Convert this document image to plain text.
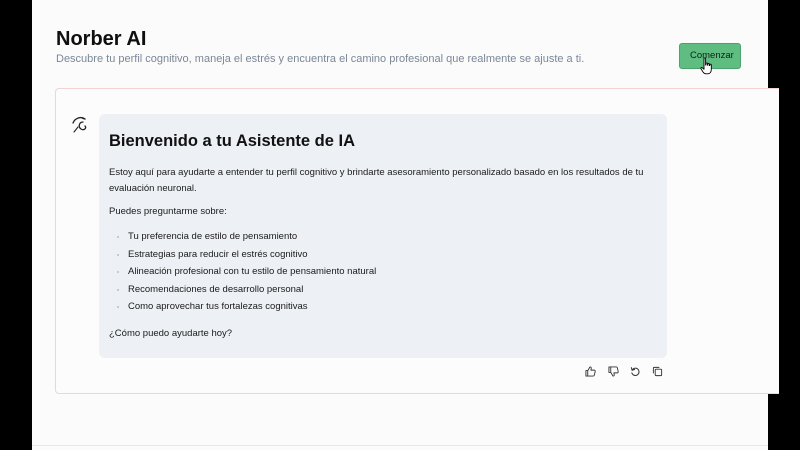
Norber AI

Descubre tu perfil cognitivo, maneja el estrés y encuentra el camino profesional que realmente se ajuste a ti.	Comenzar
Bienvenido a tu Asistente de IA

Estoy aquí para ayudarte a entender tu perfil cognitivo y brindarte asesoramiento personalizado basado en los resultados de tu evaluación neuronal.

Puedes preguntarme sobre:

Tu preferencia de estilo de pensamiento
Estrategias para reducir el estrés cognitivo
Alineación profesional con tu estilo de pensamiento natural
Recomendaciones de desarrollo personal
Como aprovechar tus fortalezas cognitivas

¿Cómo puedo ayudarte hoy?
